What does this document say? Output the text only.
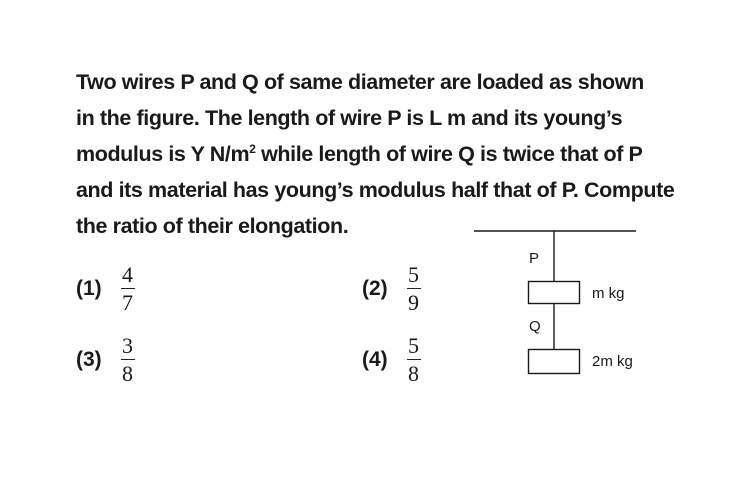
Two wires P and Q of same diameter are loaded as shown
in the figure. The length of wire P is L m and its young’s
modulus is Y $N/m^2$ while length of wire Q is twice that of P
and its material has young’s modulus half that of P. Compute
the ratio of their elongation.
$(1) \frac{4}{7}$	$(2) \frac{5}{9}$
$(3) \frac{3}{8}$	$(4) \frac{5}{8}$
P
Q
m kg
2m kg
